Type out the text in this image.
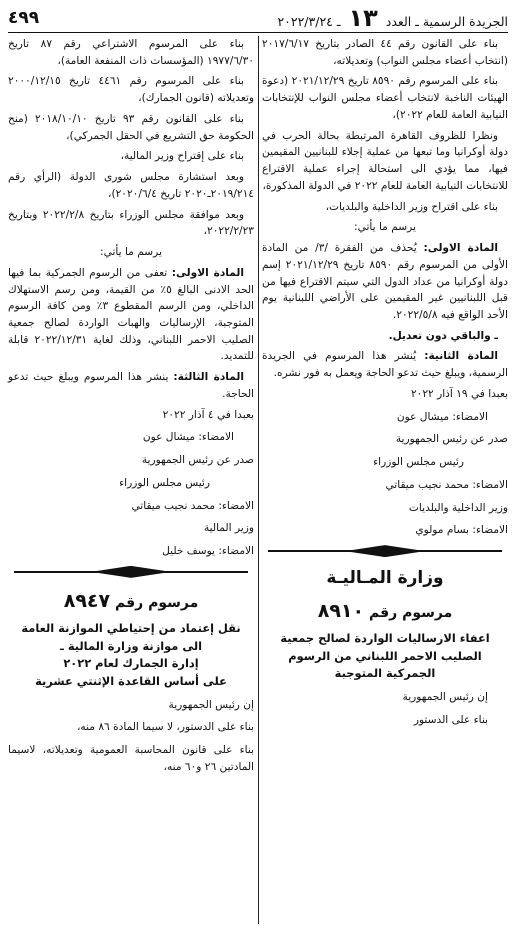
الجريدة الرسمية ـ العدد ١٣ ـ ٢٠٢٢/٣/٢٤
٤٩٩

بناء على القانون رقم ٤٤ الصادر بتاريخ ٢٠١٧/٦/١٧ (انتخاب أعضاء مجلس النواب) وتعديلاته،

بناء على المرسوم رقم ٨٥٩٠ تاريخ ٢٠٢١/١٢/٢٩ (دعوة الهيئات الناخبة لانتخاب أعضاء مجلس النواب للإنتخابات النيابية العامة للعام ٢٠٢٢)،

ونظرا للظروف القاهرة المرتبطة بحالة الحرب في دولة أوكرانيا وما تبعها من عملية إجلاء للبنانيين المقيمين فيها، مما يؤدي الى استحالة إجراء عملية الاقتراع للانتخابات النيابية العامة للعام ٢٠٢٢ في الدولة المذكورة،

بناء على اقتراح وزير الداخلية والبلديات،

يرسم ما يأتي:

المادة الاولى: يُحذف من الفقرة /٣/ من المادة الأولى من المرسوم رقم ٨٥٩٠ تاريخ ٢٠٢١/١٢/٢٩ إسم دولة أوكرانيا من عداد الدول التي سيتم الاقتراع فيها من قبل اللبنانيين غير المقيمين على الأراضي اللبنانية يوم الأحد الواقع فيه ٢٠٢٢/٥/٨.

ـ والباقي دون تعديل.

المادة الثانية: يُنشر هذا المرسوم في الجريدة الرسمية، ويبلغ حيث تدعو الحاجة ويعمل به فور نشره.

بعبدا في ١٩ آذار ٢٠٢٢

الامضاء: ميشال عون

صدر عن رئيس الجمهورية

رئيس مجلس الوزراء

الامضاء: محمد نجيب ميقاتي

وزير الداخلية والبلديات

الامضاء: بسام مولوي

وزارة المـاليـة
مرسوم رقم ٨٩١٠
اعفاء الارساليات الواردة لصالح جمعية الصليب الاحمر اللبناني من الرسوم الجمركية المتوجبة

إن رئيس الجمهورية

بناء على الدستور

بناء على المرسوم الاشتراعي رقم ٨٧ تاريخ ١٩٧٧/٦/٣٠ (المؤسسات ذات المنفعة العامة)،

بناء على المرسوم رقم ٤٤٦١ تاريخ ٢٠٠٠/١٢/١٥ وتعديلاته (قانون الجمارك)،

بناء على القانون رقم ٩٣ تاريخ ٢٠١٨/١٠/١٠ (منح الحكومة حق التشريع في الحقل الجمركي)،

بناء على إقتراح وزير المالية،

وبعد استشارة مجلس شورى الدولة (الرأي رقم ٢٠١٩/٢١٤ـ٢٠٢٠ تاريخ ٢٠٢٠/٦/٤)،

وبعد موافقة مجلس الوزراء بتاريخ ٢٠٢٢/٢/٨ وبتاريخ ٢٠٢٢/٢/٢٣،

يرسم ما يأتي:

المادة الاولى: تعفى من الرسوم الجمركية بما فيها الحد الادنى البالغ ٥٪ من القيمة، ومن رسم الاستهلاك الداخلي، ومن الرسم المقطوع ٣٪ ومن كافة الرسوم المتوجبة، الإرساليات والهبات الواردة لصالح جمعية الصليب الاحمر اللبناني، وذلك لغاية ٢٠٢٢/١٢/٣١ قابلة للتمديد.

المادة الثالثة: ينشر هذا المرسوم ويبلغ حيث تدعو الحاجة.

بعبدا في ٤ آذار ٢٠٢٢

الامضاء: ميشال عون

صدر عن رئيس الجمهورية

رئيس مجلس الوزراء

الامضاء: محمد نجيب ميقاتي

وزير المالية

الامضاء: يوسف خليل

مرسوم رقم ٨٩٤٧
نقل إعتماد من إحتياطي الموازنة العامة
الى موازنة وزارة المالية ـ
إدارة الجمارك لعام ٢٠٢٢
على أساس القاعدة الإثنتي عشرية

إن رئيس الجمهورية

بناء على الدستور، لا سيما المادة ٨٦ منه،

بناء على قانون المحاسبة العمومية وتعديلاته، لاسيما المادتين ٢٦ و٦٠ منه،
